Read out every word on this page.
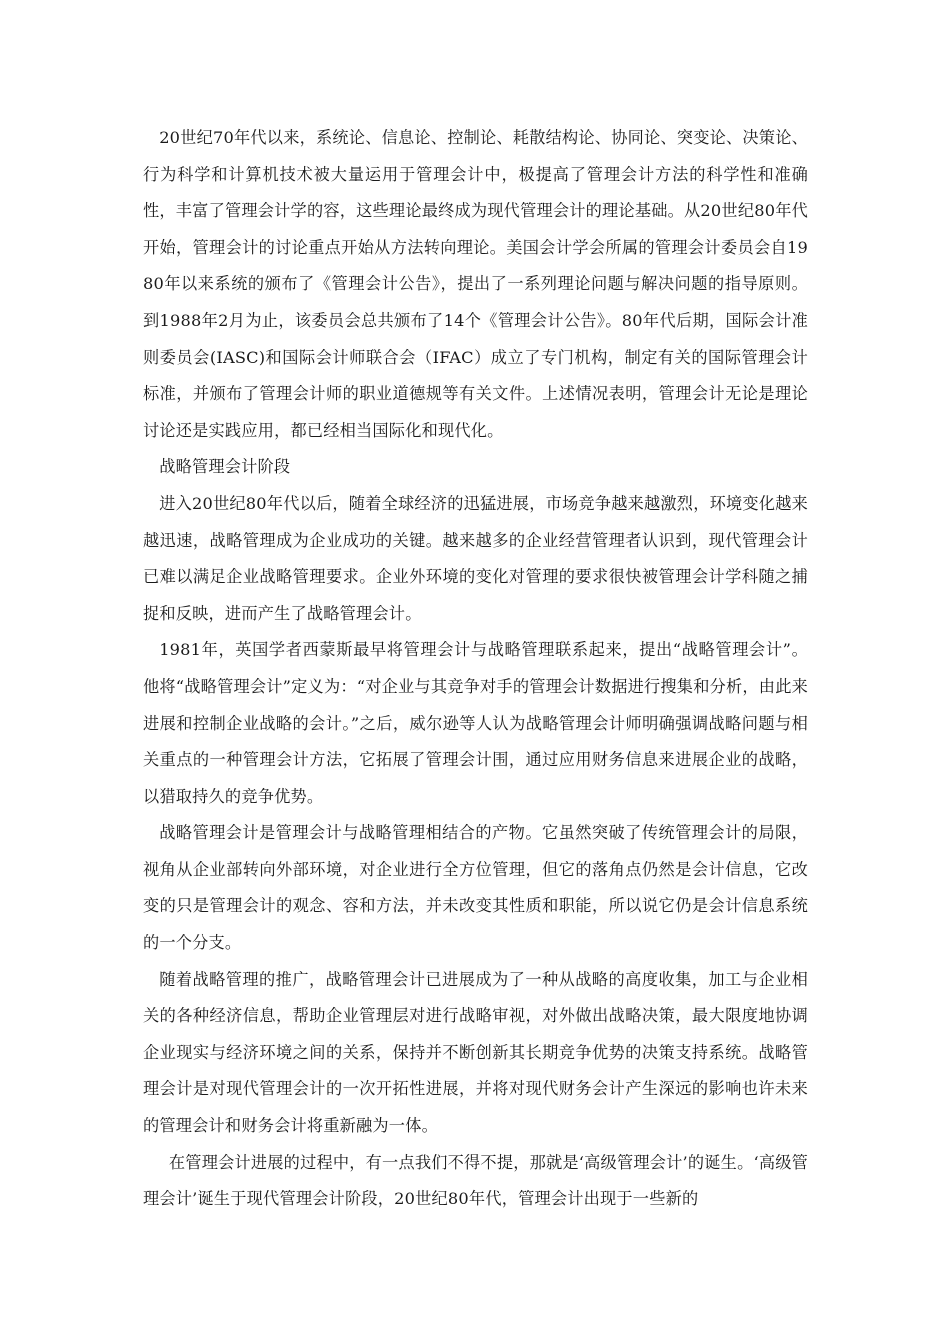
20世纪70年代以来，系统论、信息论、控制论、耗散结构论、协同论、突变论、决策论、行为科学和计算机技术被大量运用于管理会计中，极提高了管理会计方法的科学性和准确性，丰富了管理会计学的容，这些理论最终成为现代管理会计的理论基础。从20世纪80年代开始，管理会计的讨论重点开始从方法转向理论。美国会计学会所属的管理会计委员会自1980年以来系统的颁布了《管理会计公告》，提出了一系列理论问题与解决问题的指导原则。到1988年2月为止，该委员会总共颁布了14个《管理会计公告》。80年代后期，国际会计准则委员会(IASC)和国际会计师联合会（IFAC）成立了专门机构，制定有关的国际管理会计标准，并颁布了管理会计师的职业道德规等有关文件。上述情况表明，管理会计无论是理论讨论还是实践应用，都已经相当国际化和现代化。

战略管理会计阶段

进入20世纪80年代以后，随着全球经济的迅猛进展，市场竞争越来越激烈，环境变化越来越迅速，战略管理成为企业成功的关键。越来越多的企业经营管理者认识到，现代管理会计已难以满足企业战略管理要求。企业外环境的变化对管理的要求很快被管理会计学科随之捕捉和反映，进而产生了战略管理会计。

1981年，英国学者西蒙斯最早将管理会计与战略管理联系起来，提出“战略管理会计”。他将“战略管理会计”定义为：“对企业与其竞争对手的管理会计数据进行搜集和分析，由此来进展和控制企业战略的会计。”之后，威尔逊等人认为战略管理会计师明确强调战略问题与相关重点的一种管理会计方法，它拓展了管理会计围，通过应用财务信息来进展企业的战略，以猎取持久的竞争优势。

战略管理会计是管理会计与战略管理相结合的产物。它虽然突破了传统管理会计的局限，视角从企业部转向外部环境，对企业进行全方位管理，但它的落角点仍然是会计信息，它改变的只是管理会计的观念、容和方法，并未改变其性质和职能，所以说它仍是会计信息系统的一个分支。

随着战略管理的推广，战略管理会计已进展成为了一种从战略的高度收集，加工与企业相关的各种经济信息，帮助企业管理层对进行战略审视，对外做出战略决策，最大限度地协调企业现实与经济环境之间的关系，保持并不断创新其长期竞争优势的决策支持系统。战略管理会计是对现代管理会计的一次开拓性进展，并将对现代财务会计产生深远的影响也许未来的管理会计和财务会计将重新融为一体。

在管理会计进展的过程中，有一点我们不得不提，那就是‘高级管理会计’的诞生。‘高级管理会计’诞生于现代管理会计阶段，20世纪80年代，管理会计出现于一些新的
